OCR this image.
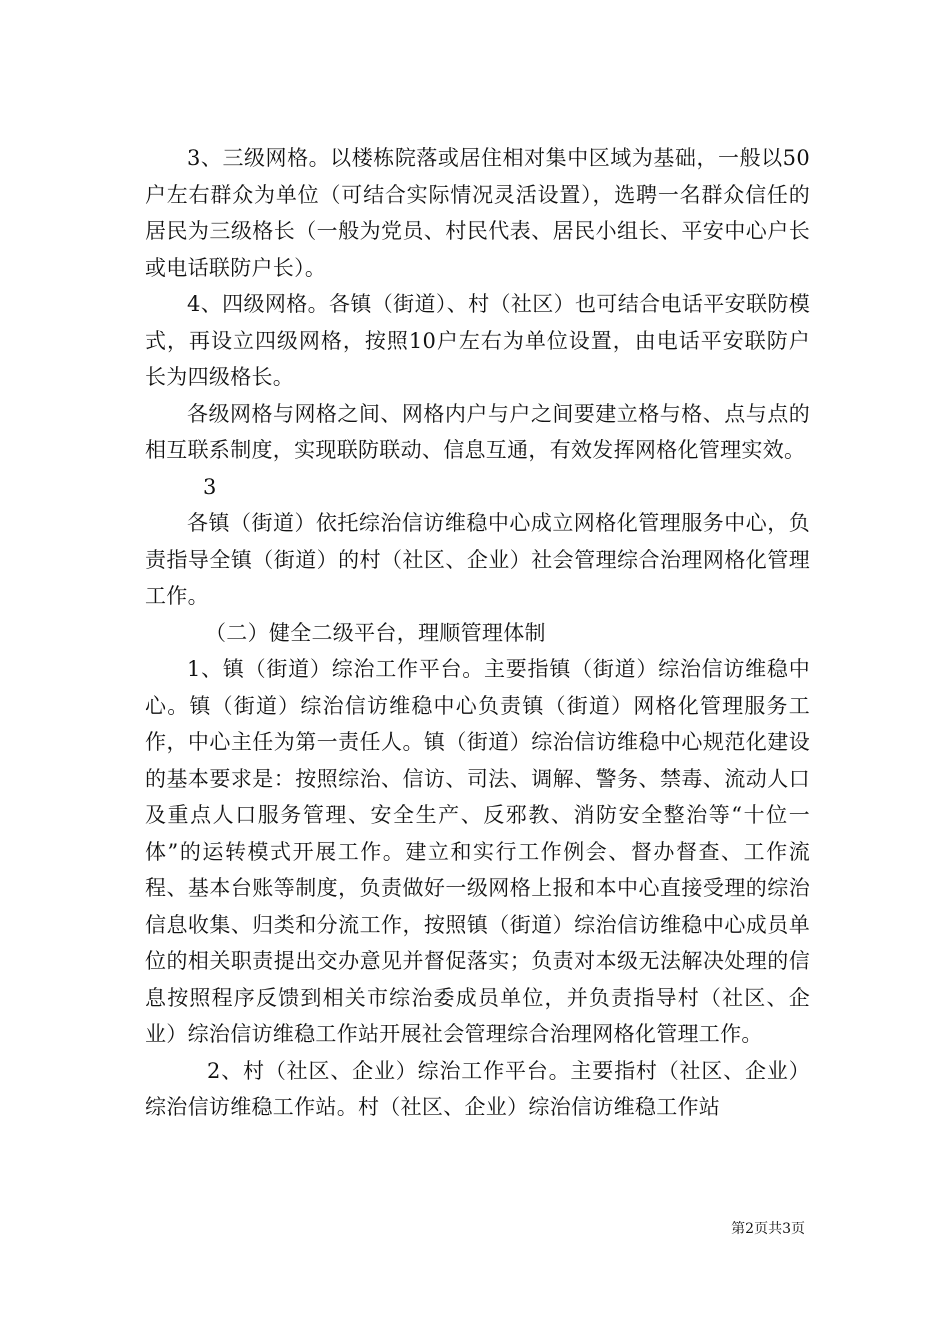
3、三级网格。以楼栋院落或居住相对集中区域为基础，一般以50户左右群众为单位（可结合实际情况灵活设置），选聘一名群众信任的居民为三级格长（一般为党员、村民代表、居民小组长、平安中心户长或电话联防户长）。

4、四级网格。各镇（街道）、村（社区）也可结合电话平安联防模式，再设立四级网格，按照10户左右为单位设置，由电话平安联防户长为四级格长。

各级网格与网格之间、网格内户与户之间要建立格与格、点与点的相互联系制度，实现联防联动、信息互通，有效发挥网格化管理实效。

3

各镇（街道）依托综治信访维稳中心成立网格化管理服务中心，负责指导全镇（街道）的村（社区、企业）社会管理综合治理网格化管理工作。

（二）健全二级平台，理顺管理体制

1、镇（街道）综治工作平台。主要指镇（街道）综治信访维稳中心。镇（街道）综治信访维稳中心负责镇（街道）网格化管理服务工作，中心主任为第一责任人。镇（街道）综治信访维稳中心规范化建设的基本要求是：按照综治、信访、司法、调解、警务、禁毒、流动人口及重点人口服务管理、安全生产、反邪教、消防安全整治等“十位一体”的运转模式开展工作。建立和实行工作例会、督办督查、工作流程、基本台账等制度，负责做好一级网格上报和本中心直接受理的综治信息收集、归类和分流工作，按照镇（街道）综治信访维稳中心成员单位的相关职责提出交办意见并督促落实；负责对本级无法解决处理的信息按照程序反馈到相关市综治委成员单位，并负责指导村（社区、企业）综治信访维稳工作站开展社会管理综合治理网格化管理工作。

2、村（社区、企业）综治工作平台。主要指村（社区、企业）综治信访维稳工作站。村（社区、企业）综治信访维稳工作站

第2页共3页
